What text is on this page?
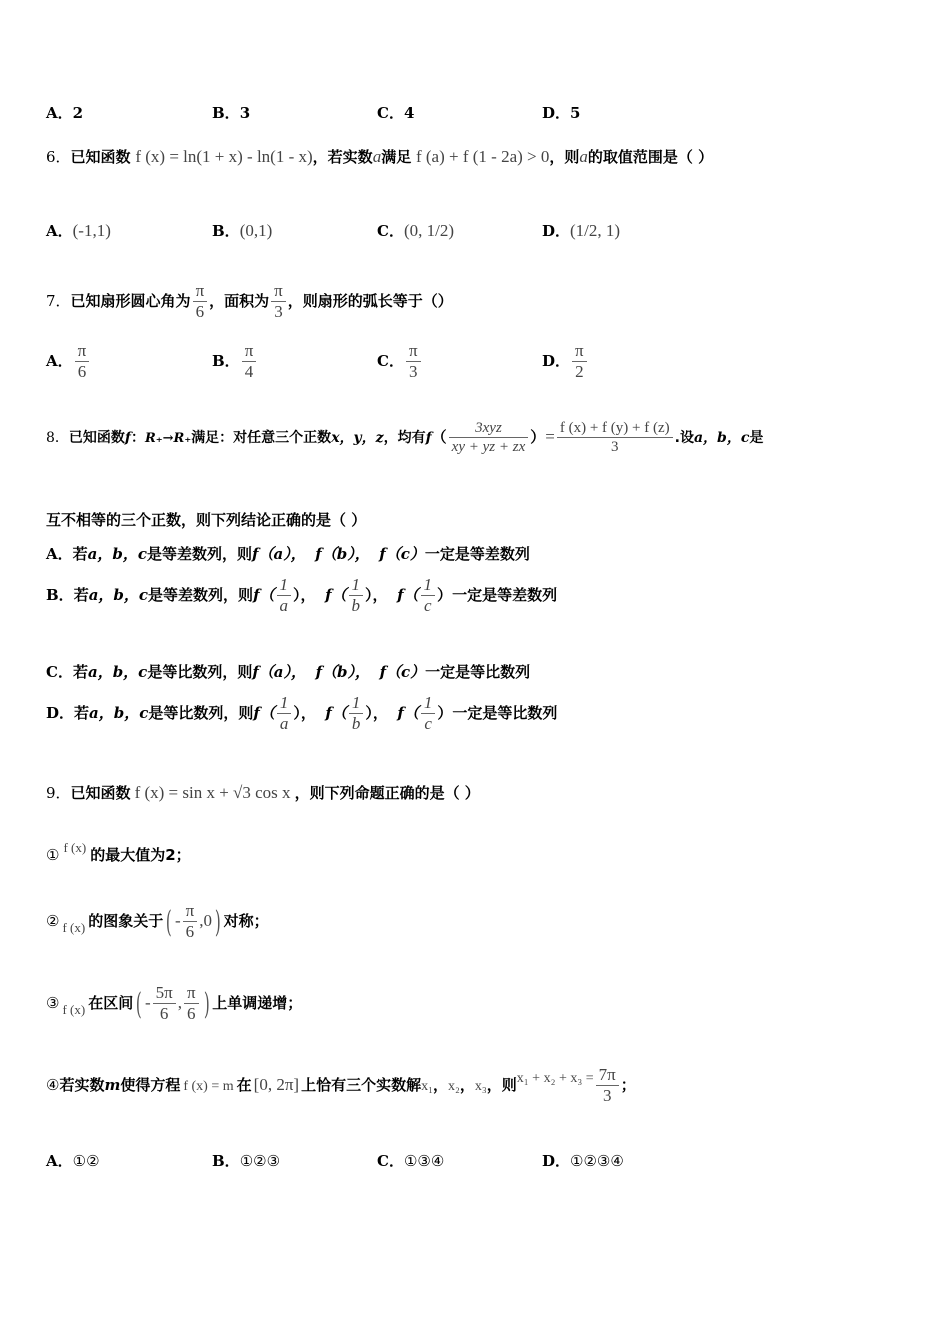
A．2	B．3	C．4	D．5
6．已知函数 f (x) = ln(1 + x) - ln(1 - x)，若实数a满足 f (a) + f (1 - 2a) > 0，则a的取值范围是（ ）
A．(-1,1)	B．(0,1)	C．(0, 1/2)	D．(1/2, 1)
7．已知扇形圆心角为 $\frac{\pi}{6}$ ，面积为 $\frac{\pi}{3}$ ，则扇形的弧长等于（）
A． $\frac{\pi}{6}$	B． $\frac{\pi}{4}$	C． $\frac{\pi}{3}$	D． $\frac{\pi}{2}$
8．已知函数f：R₊→R₊满足：对任意三个正数x，y，z，均有$f( \frac{\text{3xyz}}{xy + yz + zx}$ ）= $\frac{f (x) + f (y) + f (z)}{3}$ .设a，b，c是
互不相等的三个正数，则下列结论正确的是（ ）
A．若a，b，c是等差数列，则f（a）， f（b）， f（c）一定是等差数列
B．若a，b，c是等差数列，则$f( \frac{1}{a}$ ）， $f( \frac{1}{b}$ ）， $f( \frac{1}{c}$ ）一定是等差数列
C．若a，b，c是等比数列，则f（a）， f（b）， f（c）一定是等比数列
D．若a，b，c是等比数列，则$f( \frac{1}{a}$ ）， $f( \frac{1}{b}$ ）， $f( \frac{1}{c}$ ）一定是等比数列
9．已知函数 f (x) = sin x + √3 cos x ，则下列命题正确的是（ ）
① f (x) 的最大值为2；
② f (x) 的图象关于( - $\frac{\pi}{6} ,0$) 对称；
③ f (x) 在区间( - $\frac{5\pi}{6}$ , $\frac{\pi}{6}$ ) 上单调递增；
④若实数m使得方程 f (x) = m 在 [0, 2π] 上恰有三个实数解x₁，x₂，x₃，则$x_1 + x_2 + x_3 = \frac{7\pi}{3}$ ；
A．①②	B．①②③	C．①③④	D．①②③④
